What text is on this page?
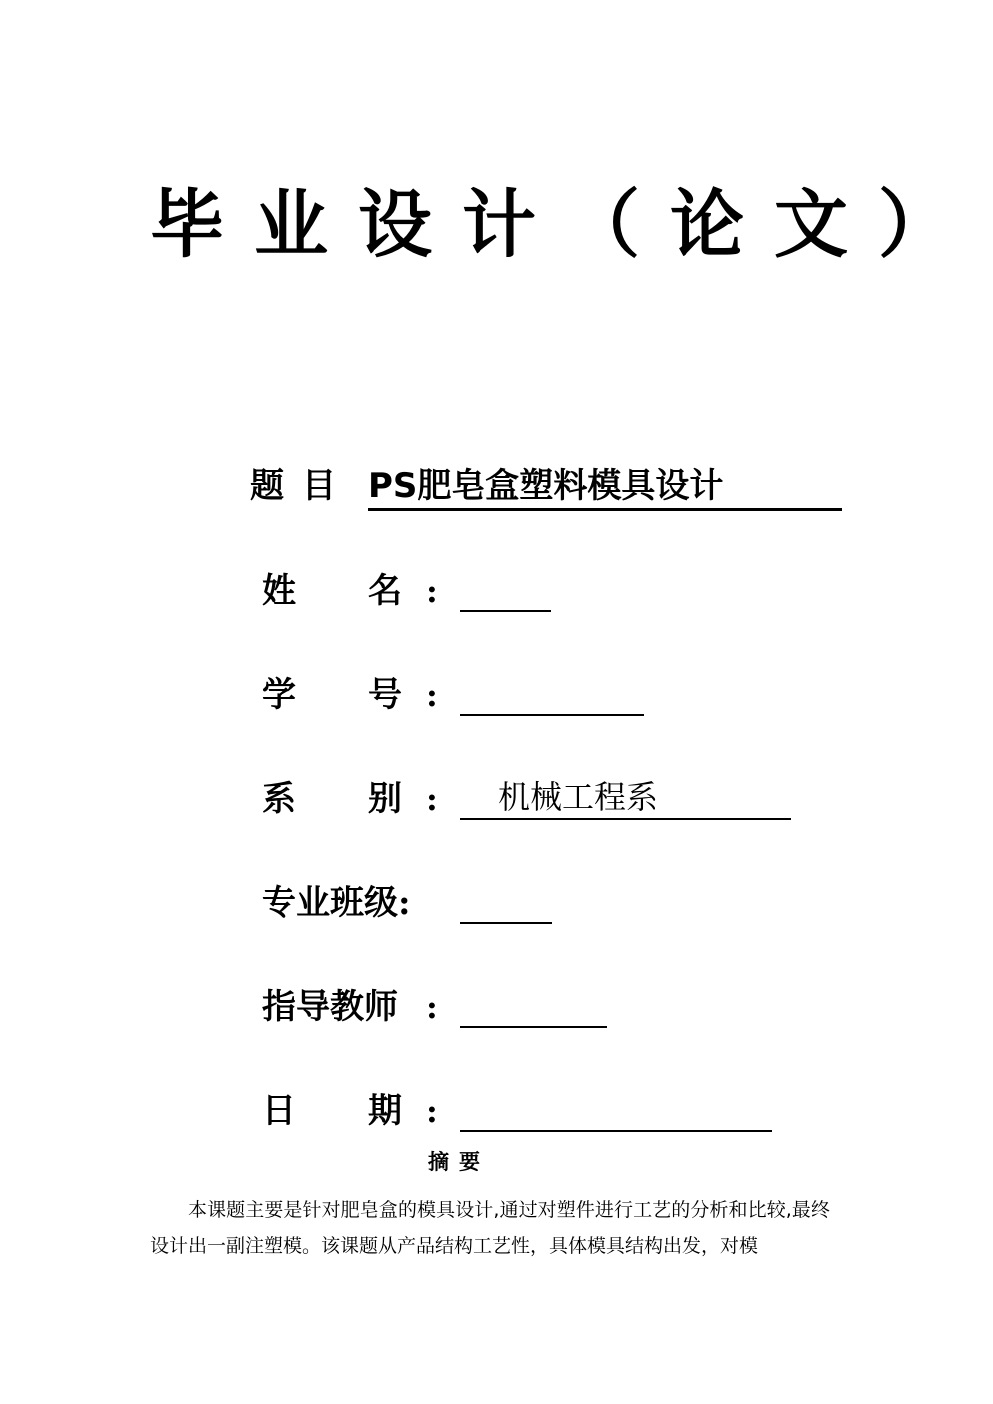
毕业设计（论文）
题目 PS肥皂盒塑料模具设计
姓 名 :
学 号 :
系 别 : 机械工程系
专业班级:
指导教师 :
日 期 :
摘要
本课题主要是针对肥皂盒的模具设计,通过对塑件进行工艺的分析和比较,最终设计出一副注塑模。该课题从产品结构工艺性，具体模具结构出发，对模
